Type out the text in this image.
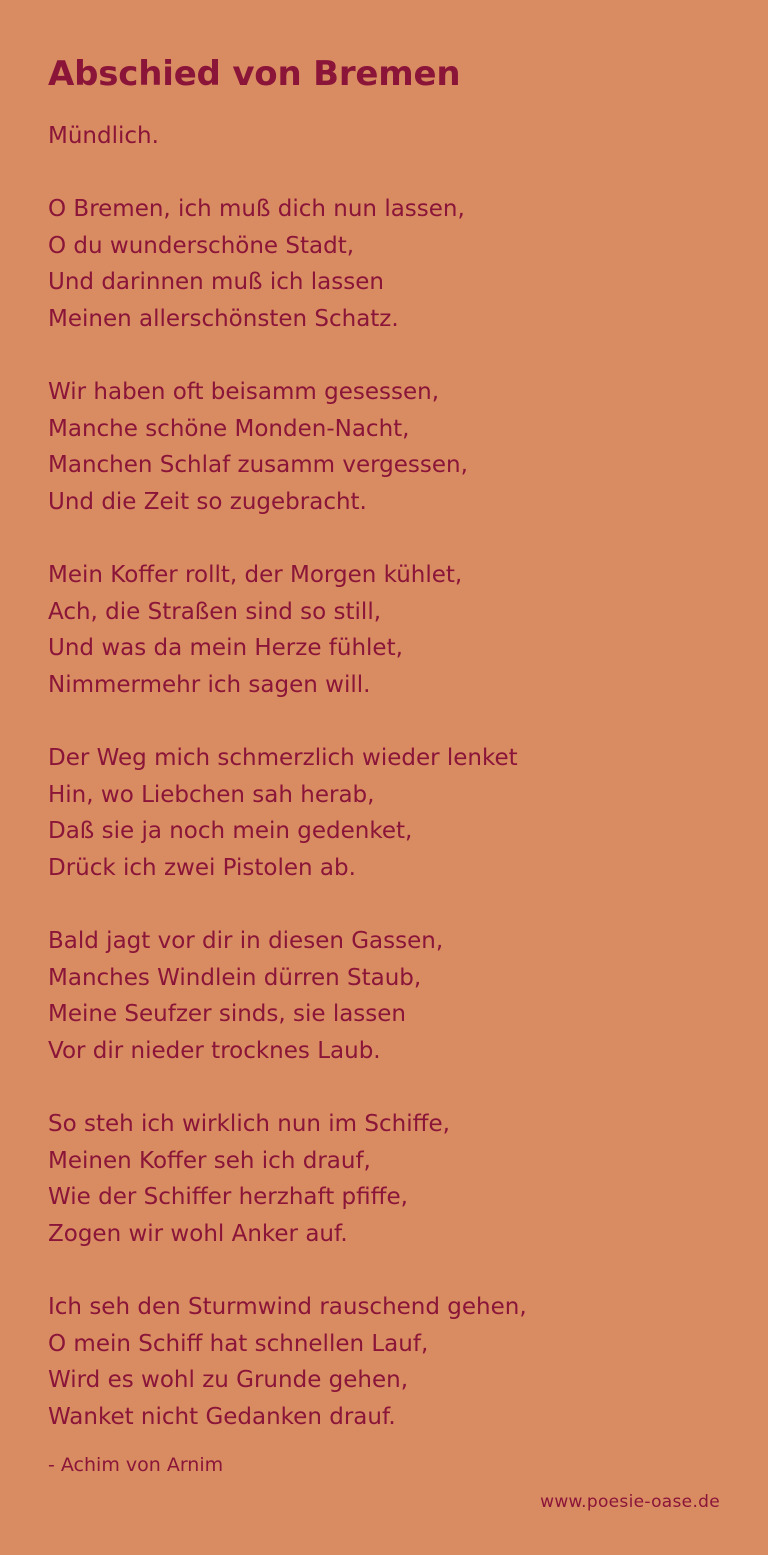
Abschied von Bremen
Mündlich.
O Bremen, ich muß dich nun lassen,
O du wunderschöne Stadt,
Und darinnen muß ich lassen
Meinen allerschönsten Schatz.
Wir haben oft beisamm gesessen,
Manche schöne Monden-Nacht,
Manchen Schlaf zusamm vergessen,
Und die Zeit so zugebracht.
Mein Koffer rollt, der Morgen kühlet,
Ach, die Straßen sind so still,
Und was da mein Herze fühlet,
Nimmermehr ich sagen will.
Der Weg mich schmerzlich wieder lenket
Hin, wo Liebchen sah herab,
Daß sie ja noch mein gedenket,
Drück ich zwei Pistolen ab.
Bald jagt vor dir in diesen Gassen,
Manches Windlein dürren Staub,
Meine Seufzer sinds, sie lassen
Vor dir nieder trocknes Laub.
So steh ich wirklich nun im Schiffe,
Meinen Koffer seh ich drauf,
Wie der Schiffer herzhaft pfiffe,
Zogen wir wohl Anker auf.
Ich seh den Sturmwind rauschend gehen,
O mein Schiff hat schnellen Lauf,
Wird es wohl zu Grunde gehen,
Wanket nicht Gedanken drauf.
- Achim von Arnim
www.poesie-oase.de
